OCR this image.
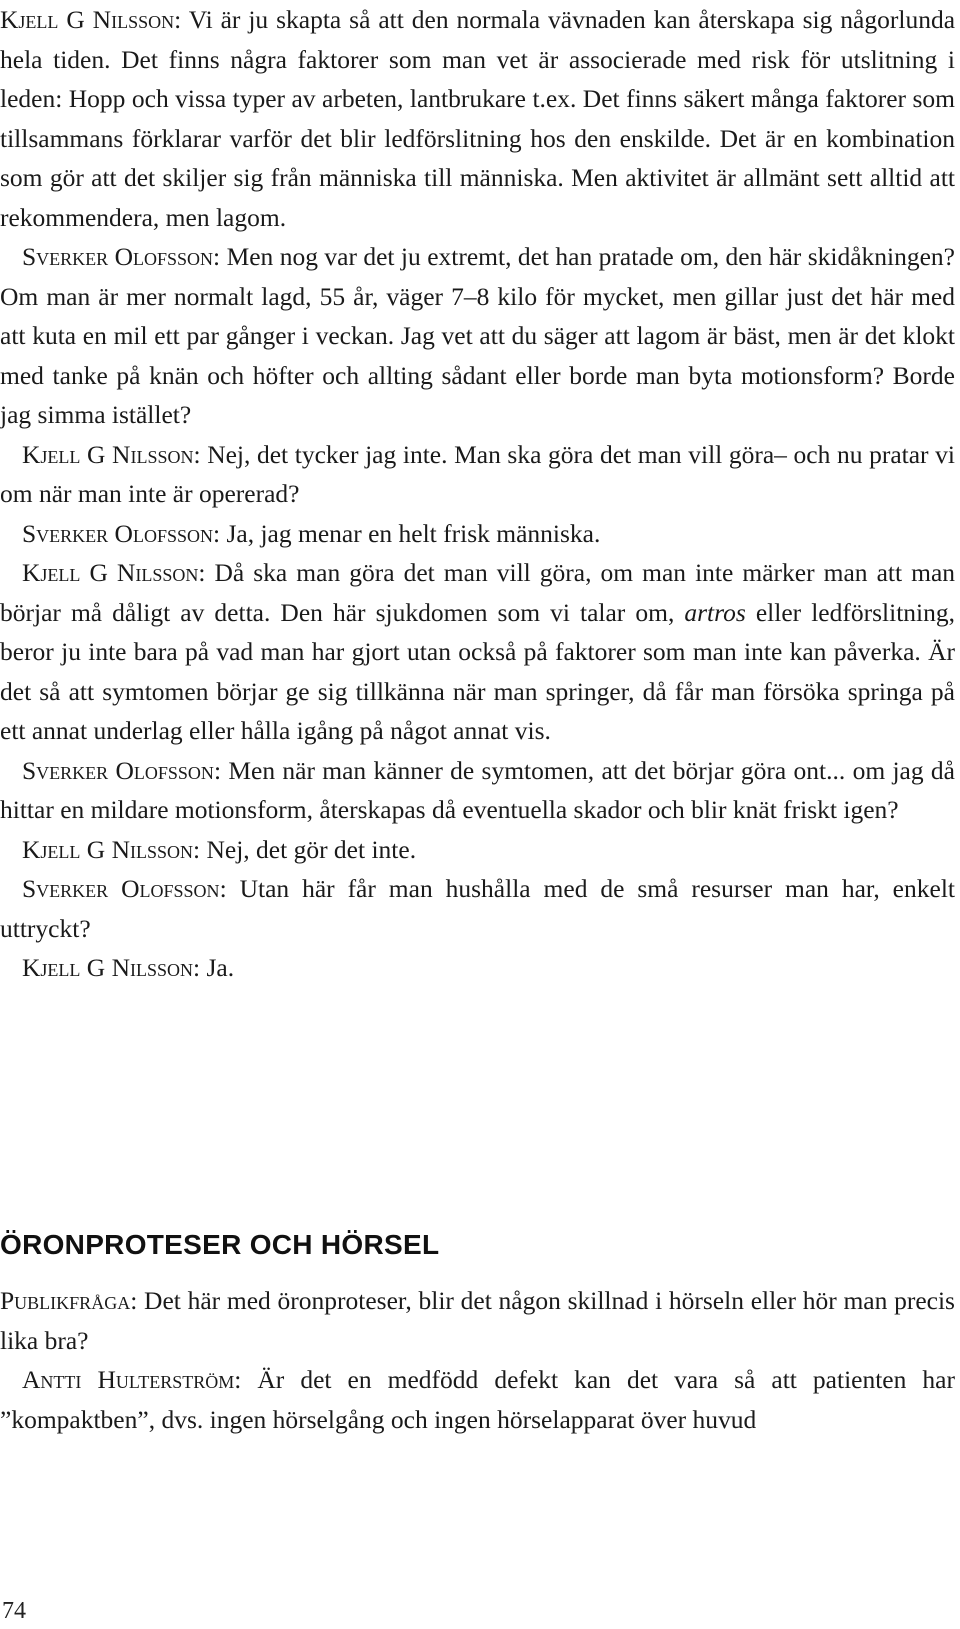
Kjell G Nilsson: Vi är ju skapta så att den normala vävnaden kan återskapa sig någorlunda hela tiden. Det finns några faktorer som man vet är associerade med risk för utslitning i leden: Hopp och vissa typer av arbeten, lantbrukare t.ex. Det finns säkert många faktorer som tillsammans förklarar varför det blir ledförslitning hos den enskilde. Det är en kombination som gör att det skiljer sig från människa till människa. Men aktivitet är allmänt sett alltid att rekommendera, men lagom.

Sverker Olofsson: Men nog var det ju extremt, det han pratade om, den här skidåkningen? Om man är mer normalt lagd, 55 år, väger 7–8 kilo för mycket, men gillar just det här med att kuta en mil ett par gånger i veckan. Jag vet att du säger att lagom är bäst, men är det klokt med tanke på knän och höfter och allting sådant eller borde man byta motionsform? Borde jag simma istället?

Kjell G Nilsson: Nej, det tycker jag inte. Man ska göra det man vill göra– och nu pratar vi om när man inte är opererad?

Sverker Olofsson: Ja, jag menar en helt frisk människa.

Kjell G Nilsson: Då ska man göra det man vill göra, om man inte märker man att man börjar må dåligt av detta. Den här sjukdomen som vi talar om, artros eller ledförslitning, beror ju inte bara på vad man har gjort utan också på faktorer som man inte kan påverka. Är det så att symtomen börjar ge sig tillkänna när man springer, då får man försöka springa på ett annat underlag eller hålla igång på något annat vis.

Sverker Olofsson: Men när man känner de symtomen, att det börjar göra ont... om jag då hittar en mildare motionsform, återskapas då eventuella skador och blir knät friskt igen?

Kjell G Nilsson: Nej, det gör det inte.

Sverker Olofsson: Utan här får man hushålla med de små resurser man har, enkelt uttryckt?

Kjell G Nilsson: Ja.

ÖRONPROTESER OCH HÖRSEL

Publikfråga: Det här med öronproteser, blir det någon skillnad i hörseln eller hör man precis lika bra?

Antti Hulterström: Är det en medfödd defekt kan det vara så att patienten har ”kompaktben”, dvs. ingen hörselgång och ingen hörselapparat över huvud

74
